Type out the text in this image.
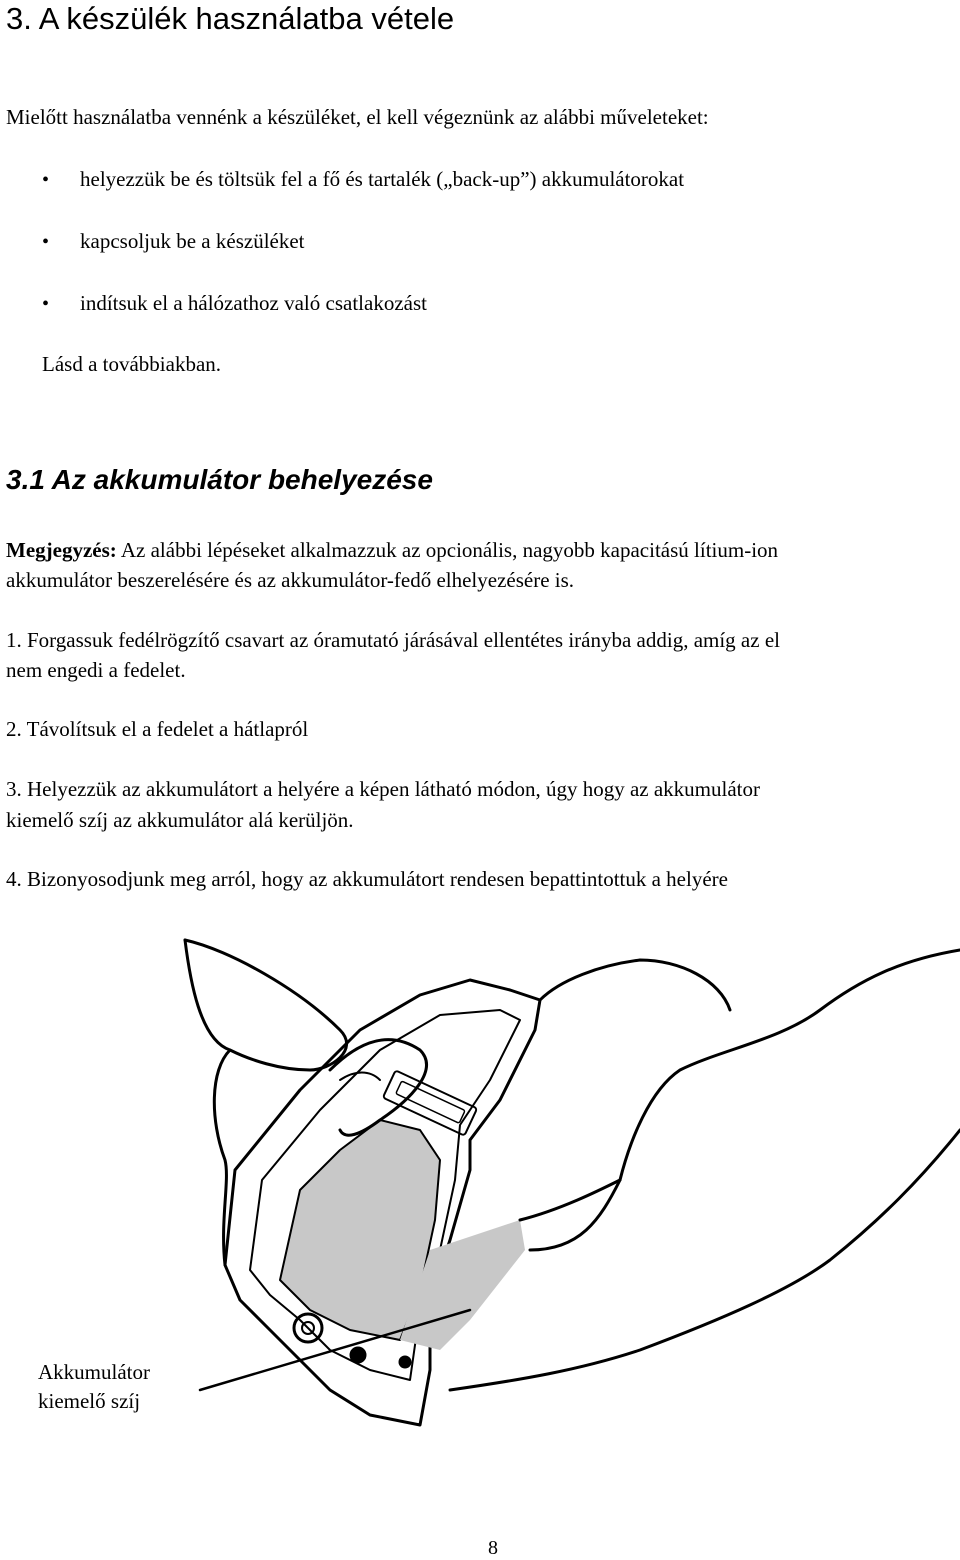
3. A készülék használatba vétele
Mielőtt használatba vennénk a készüléket, el kell végeznünk az alábbi műveleteket:
• helyezzük be és töltsük fel a fő és tartalék („back-up”) akkumulátorokat
• kapcsoljuk be a készüléket
• indítsuk el a hálózathoz való csatlakozást
Lásd a továbbiakban.
3.1 Az akkumulátor behelyezése
Megjegyzés: Az alábbi lépéseket alkalmazzuk az opcionális, nagyobb kapacitású lítium-ion
akkumulátor beszerelésére és az akkumulátor-fedő elhelyezésére is.
1. Forgassuk fedélrögzítő csavart az óramutató járásával ellentétes irányba addig, amíg az el
nem engedi a fedelet.
2. Távolítsuk el a fedelet a hátlapról
3. Helyezzük az akkumulátort a helyére a képen látható módon, úgy hogy az akkumulátor
kiemelő szíj az akkumulátor alá kerüljön.
4. Bizonyosodjunk meg arról, hogy az akkumulátort rendesen bepattintottuk a helyére
Akkumulátor
kiemelő szíj
8
